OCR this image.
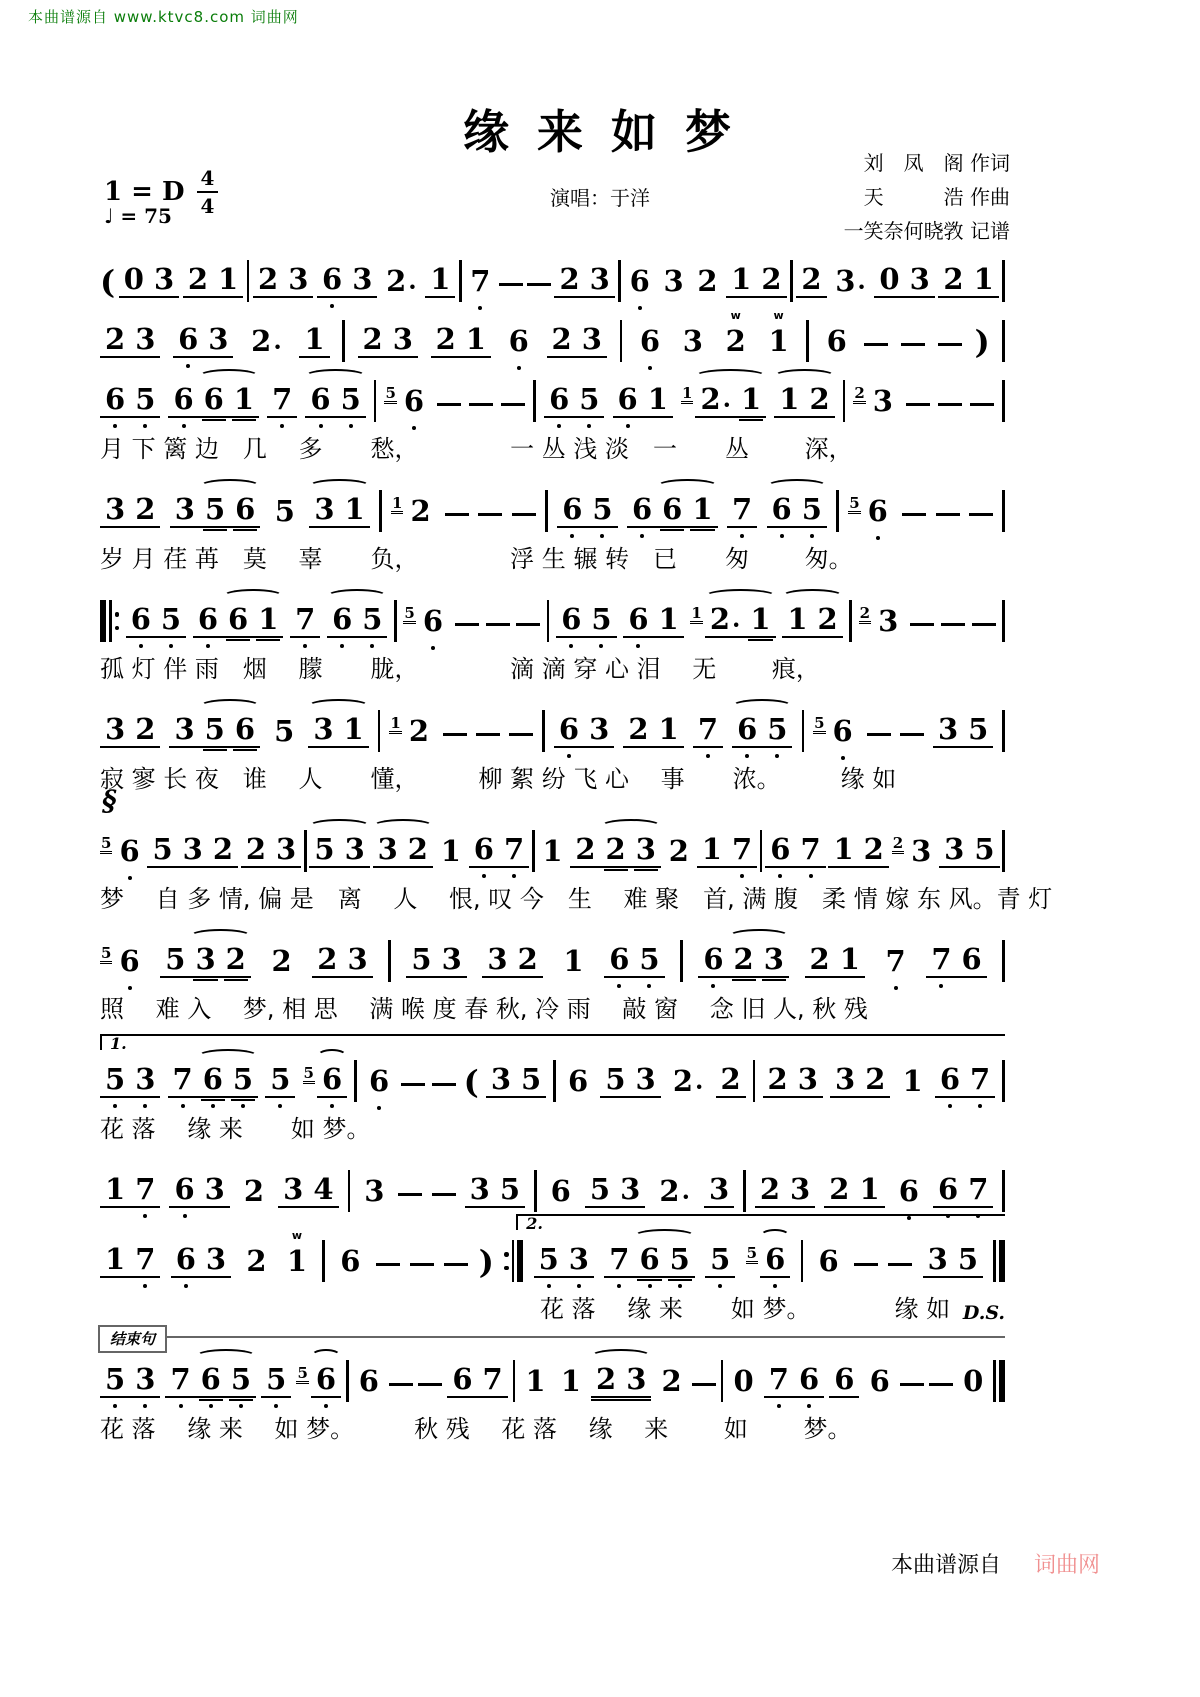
本曲谱源自 www.ktvc8.com 词曲网
缘 来 如 梦
演唱：于洋
刘　凤　阁 作词
天　　　浩 作曲
一笑奈何晓敩 记谱
1 = D $\frac{4}{4}$
♩ = 75
( 0 3 2 1 2 3 6 3 2 · 1 7 2 3 6 3 2 1 2 2 3 · 0 3 2 1
2 3 6 3 2 · 1 2 3 2 1 6 2 3 6 3 2
w
1
w
6	)
6 5 6 6 1 7 6 5 5 6	6 5 6 1 1 2 · 1 1 2 2 3
月 下 篱 边　几　 多　　愁，　　　　 一 丛 浅 淡　一　　丛　　 深，
3 2 3 5 6 5 3 1 1 2	6 5 6 6 1 7 6 5 5 6
岁 月 荏 苒　莫　 辜　　负，　　　　 浮 生 辗 转　已　　匆　　 匆。
6 5 6 6 1 7 6 5 5 6	6 5 6 1 1 2 · 1 1 2 2 3
孤 灯 伴 雨　烟　 朦　　胧，　　　　 滴 滴 穿 心 泪　 无　　 痕，
3 2 3 5 6 5 3 1 1 2	6 3 2 1 7 6 5 5 6	3 5
寂 寥 长 夜　谁　 人　　懂，　　　柳 絮 纷 飞 心　 事　　浓。　　　缘 如
§
5 6 5 3 2 2 3 5 3 3 2 1 6 7 1 2 2 3 2 1 7 6 7 1 2 2 3 3 5
梦　 自 多 情, 偏 是　离　 人　 恨, 叹 今　生　 难 聚　首, 满 腹　柔 情 嫁 东 风。青 灯
5 6 5 3 2 2 2 3 5 3 3 2 1 6 5 6 2 3 2 1 7 7 6
照　 难 入　 梦, 相 思　 满 喉 度 春 秋, 冷 雨　 敲 窗　 念 旧 人, 秋 残
1.
5 3 7 6 5 5 5 6 6 ( 3 5 6 5 3 2 · 2 2 3 3 2 1 6 7
花 落　 缘 来　　如 梦。
1 7 6 3 2 3 4 3	3 5 6 5 3 2 · 3 2 3 2 1 6 6 7
2.
1 7 6 3 2 1
w
6	) 5 3 7 6 5 5 5 6 6	3 5
花 落　 缘 来　　如 梦。　　　　缘 如 D.S.
结束句
5 3 7 6 5 5 5 6 6	6 7 1 1 2 3 2 0 7 6 6 6	0
花 落　 缘 来　 如 梦。　　　秋 残　 花 落　 缘　 来　　 如　　 梦。
本曲谱源自 词曲网
